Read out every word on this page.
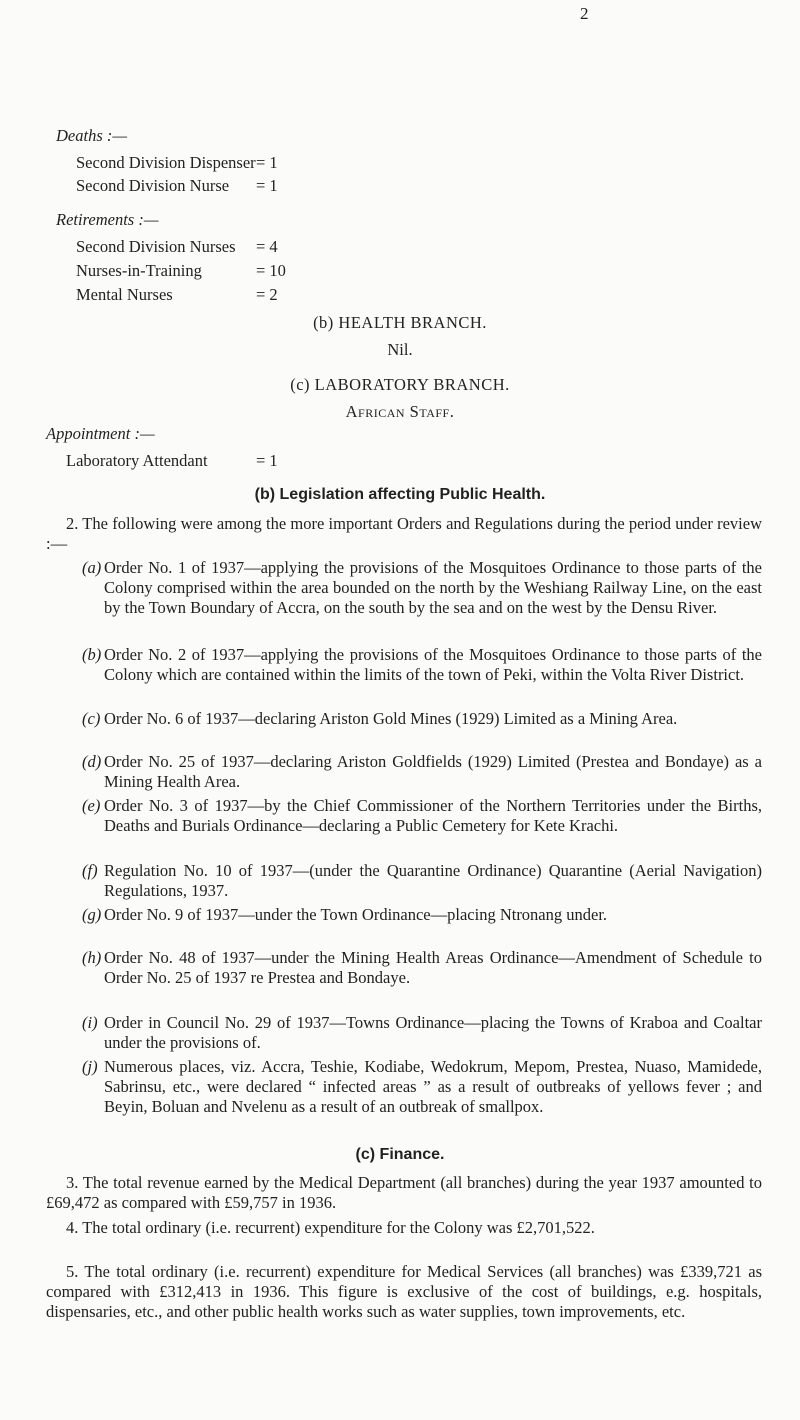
2
Deaths :—
Second Division Dispenser = 1
Second Division Nurse = 1
Retirements :—
Second Division Nurses = 4
Nurses-in-Training	= 10
Mental Nurses	= 2
(b) HEALTH BRANCH.
Nil.
(c) LABORATORY BRANCH.
African Staff.
Appointment :—
Laboratory Attendant	= 1
(b) Legislation affecting Public Health.
2. The following were among the more important Orders and Regulations during the period under review :—
(a) Order No. 1 of 1937—applying the provisions of the Mosquitoes Ordinance to those parts of the Colony comprised within the area bounded on the north by the Weshiang Railway Line, on the east by the Town Boundary of Accra, on the south by the sea and on the west by the Densu River.
(b) Order No. 2 of 1937—applying the provisions of the Mosquitoes Ordinance to those parts of the Colony which are contained within the limits of the town of Peki, within the Volta River District.
(c) Order No. 6 of 1937—declaring Ariston Gold Mines (1929) Limited as a Mining Area.
(d) Order No. 25 of 1937—declaring Ariston Goldfields (1929) Limited (Prestea and Bondaye) as a Mining Health Area.
(e) Order No. 3 of 1937—by the Chief Commissioner of the Northern Territories under the Births, Deaths and Burials Ordinance—declaring a Public Cemetery for Kete Krachi.
(f) Regulation No. 10 of 1937—(under the Quarantine Ordinance) Quarantine (Aerial Navigation) Regulations, 1937.
(g) Order No. 9 of 1937—under the Town Ordinance—placing Ntronang under.
(h) Order No. 48 of 1937—under the Mining Health Areas Ordinance—Amendment of Schedule to Order No. 25 of 1937 re Prestea and Bondaye.
(i) Order in Council No. 29 of 1937—Towns Ordinance—placing the Towns of Kraboa and Coaltar under the provisions of.
(j) Numerous places, viz. Accra, Teshie, Kodiabe, Wedokrum, Mepom, Prestea, Nuaso, Mamidede, Sabrinsu, etc., were declared “ infected areas ” as a result of outbreaks of yellows fever ; and Beyin, Boluan and Nvelenu as a result of an outbreak of smallpox.
(c) Finance.
3. The total revenue earned by the Medical Department (all branches) during the year 1937 amounted to £69,472 as compared with £59,757 in 1936.
4. The total ordinary (i.e. recurrent) expenditure for the Colony was £2,701,522.
5. The total ordinary (i.e. recurrent) expenditure for Medical Services (all branches) was £339,721 as compared with £312,413 in 1936. This figure is exclusive of the cost of buildings, e.g. hospitals, dispensaries, etc., and other public health works such as water supplies, town improvements, etc.
